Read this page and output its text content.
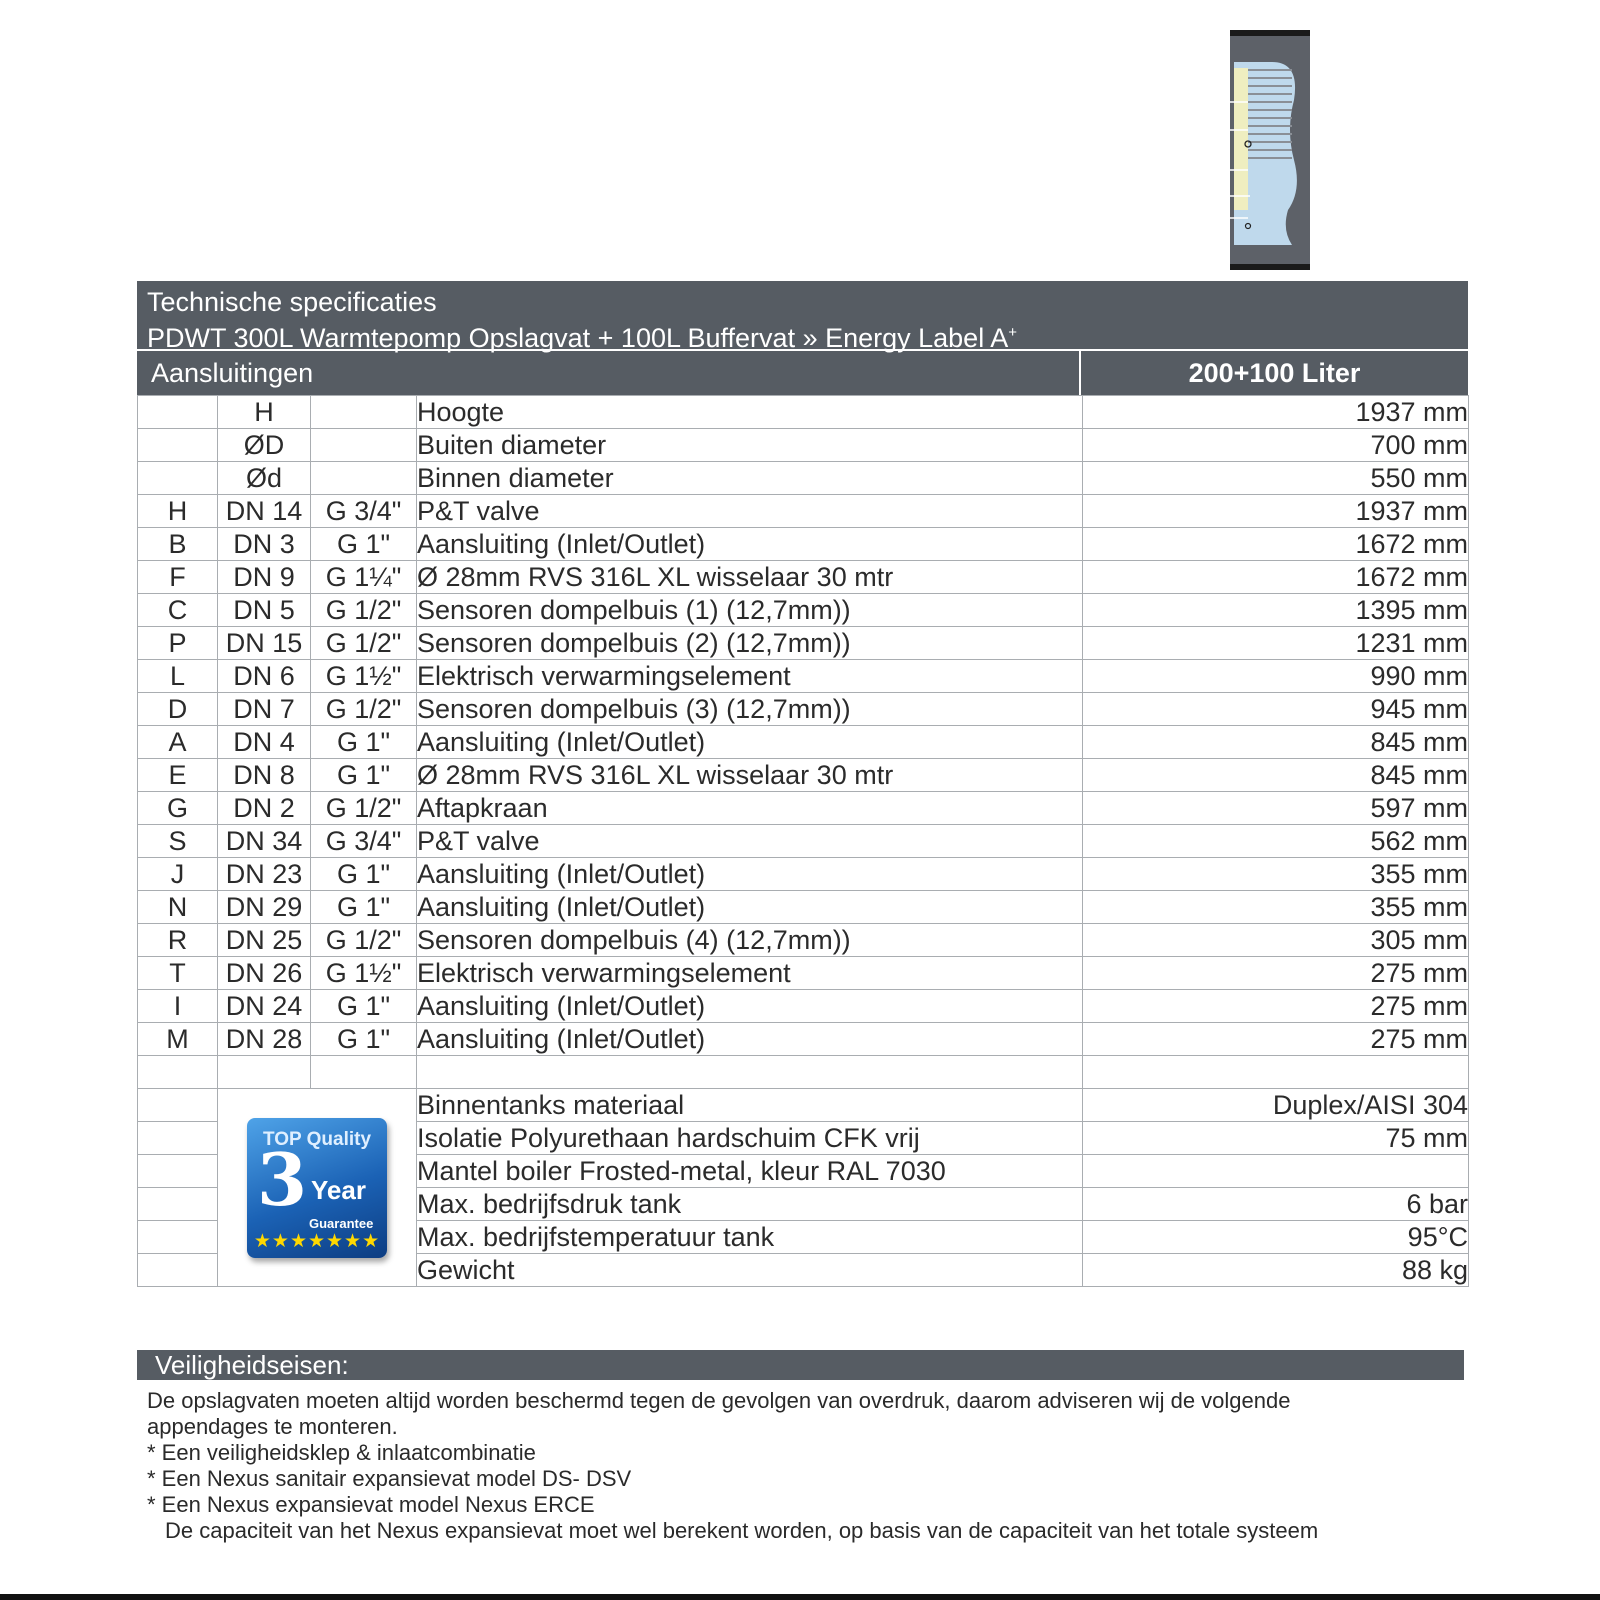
Technische specificaties
PDWT 300L Warmtepomp Opslagvat + 100L Buffervat » Energy Label A+
Aansluitingen	200+100 Liter
	H		Hoogte	1937 mm
	ØD		Buiten diameter	700 mm
	Ød		Binnen diameter	550 mm
H	DN 14	G 3/4"	P&T valve	1937 mm
B	DN 3	G 1"	Aansluiting (Inlet/Outlet)	1672 mm
F	DN 9	G 1¼"	Ø 28mm RVS 316L XL wisselaar 30 mtr	1672 mm
C	DN 5	G 1/2"	Sensoren dompelbuis (1) (12,7mm))	1395 mm
P	DN 15	G 1/2"	Sensoren dompelbuis (2) (12,7mm))	1231 mm
L	DN 6	G 1½"	Elektrisch verwarmingselement	990 mm
D	DN 7	G 1/2"	Sensoren dompelbuis (3) (12,7mm))	945 mm
A	DN 4	G 1"	Aansluiting (Inlet/Outlet)	845 mm
E	DN 8	G 1"	Ø 28mm RVS 316L XL wisselaar 30 mtr	845 mm
G	DN 2	G 1/2"	Aftapkraan	597 mm
S	DN 34	G 3/4"	P&T valve	562 mm
J	DN 23	G 1"	Aansluiting (Inlet/Outlet)	355 mm
N	DN 29	G 1"	Aansluiting (Inlet/Outlet)	355 mm
R	DN 25	G 1/2"	Sensoren dompelbuis (4) (12,7mm))	305 mm
T	DN 26	G 1½"	Elektrisch verwarmingselement	275 mm
I	DN 24	G 1"	Aansluiting (Inlet/Outlet)	275 mm
M	DN 28	G 1"	Aansluiting (Inlet/Outlet)	275 mm

	TOP Quality
3 Year
Guarantee
★★★★★★★		Binnentanks materiaal	Duplex/AISI 304
			Isolatie Polyurethaan hardschuim CFK vrij	75 mm
			Mantel boiler Frosted-metal, kleur RAL 7030	
			Max. bedrijfsdruk tank	6 bar
			Max. bedrijfstemperatuur tank	95°C
			Gewicht	88 kg
Veiligheidseisen:
De opslagvaten moeten altijd worden beschermd tegen de gevolgen van overdruk, daarom adviseren wij de volgende
appendages te monteren.
* Een veiligheidsklep & inlaatcombinatie
* Een Nexus sanitair expansievat model DS- DSV
* Een Nexus expansievat model Nexus ERCE
De capaciteit van het Nexus expansievat moet wel berekent worden, op basis van de capaciteit van het totale systeem
